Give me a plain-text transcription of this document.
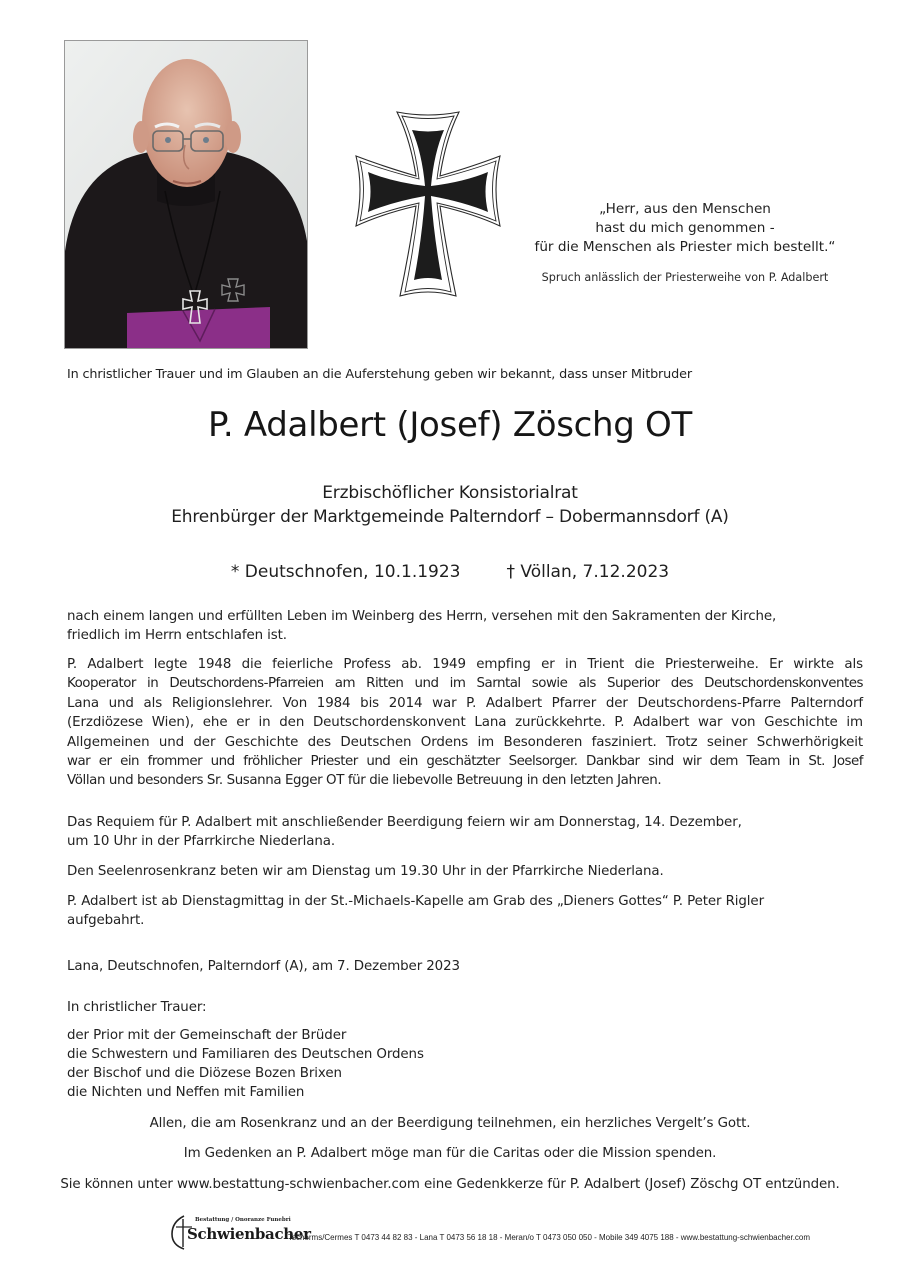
„Herr, aus den Menschen
hast du mich genommen -
für die Menschen als Priester mich bestellt.“
Spruch anlässlich der Priesterweihe von P. Adalbert
In christlicher Trauer und im Glauben an die Auferstehung geben wir bekannt, dass unser Mitbruder
P. Adalbert (Josef) Zöschg OT
Erzbischöflicher Konsistorialrat
Ehrenbürger der Marktgemeinde Palterndorf – Dobermannsdorf (A)
* Deutschnofen, 10.1.1923	† Völlan, 7.12.2023
nach einem langen und erfüllten Leben im Weinberg des Herrn, versehen mit den Sakramenten der Kirche,
friedlich im Herrn entschlafen ist.
P. Adalbert legte 1948 die feierliche Profess ab. 1949 empfing er in Trient die Priesterweihe. Er wirkte als
Kooperator in Deutschordens-Pfarreien am Ritten und im Sarntal sowie als Superior des Deutschordenskonventes
Lana und als Religionslehrer. Von 1984 bis 2014 war P. Adalbert Pfarrer der Deutschordens-Pfarre Palterndorf
(Erzdiözese Wien), ehe er in den Deutschordenskonvent Lana zurückkehrte. P. Adalbert war von Geschichte im
Allgemeinen und der Geschichte des Deutschen Ordens im Besonderen fasziniert. Trotz seiner Schwerhörigkeit
war er ein frommer und fröhlicher Priester und ein geschätzter Seelsorger. Dankbar sind wir dem Team in St. Josef
Völlan und besonders Sr. Susanna Egger OT für die liebevolle Betreuung in den letzten Jahren.
Das Requiem für P. Adalbert mit anschließender Beerdigung feiern wir am Donnerstag, 14. Dezember,
um 10 Uhr in der Pfarrkirche Niederlana.
Den Seelenrosenkranz beten wir am Dienstag um 19.30 Uhr in der Pfarrkirche Niederlana.
P. Adalbert ist ab Dienstagmittag in der St.-Michaels-Kapelle am Grab des „Dieners Gottes“ P. Peter Rigler
aufgebahrt.
Lana, Deutschnofen, Palterndorf (A), am 7. Dezember 2023
In christlicher Trauer:
der Prior mit der Gemeinschaft der Brüder
die Schwestern und Familiaren des Deutschen Ordens
der Bischof und die Diözese Bozen Brixen
die Nichten und Neffen mit Familien
Allen, die am Rosenkranz und an der Beerdigung teilnehmen, ein herzliches Vergelt’s Gott.
Im Gedenken an P. Adalbert möge man für die Caritas oder die Mission spenden.
Sie können unter www.bestattung-schwienbacher.com eine Gedenkkerze für P. Adalbert (Josef) Zöschg OT entzünden.
Bestattung / Onoranze Funebri
Schwienbacher
Tscherms/Cermes T 0473 44 82 83 - Lana T 0473 56 18 18 - Meran/o T 0473 050 050 - Mobile 349 4075 188 - www.bestattung-schwienbacher.com
